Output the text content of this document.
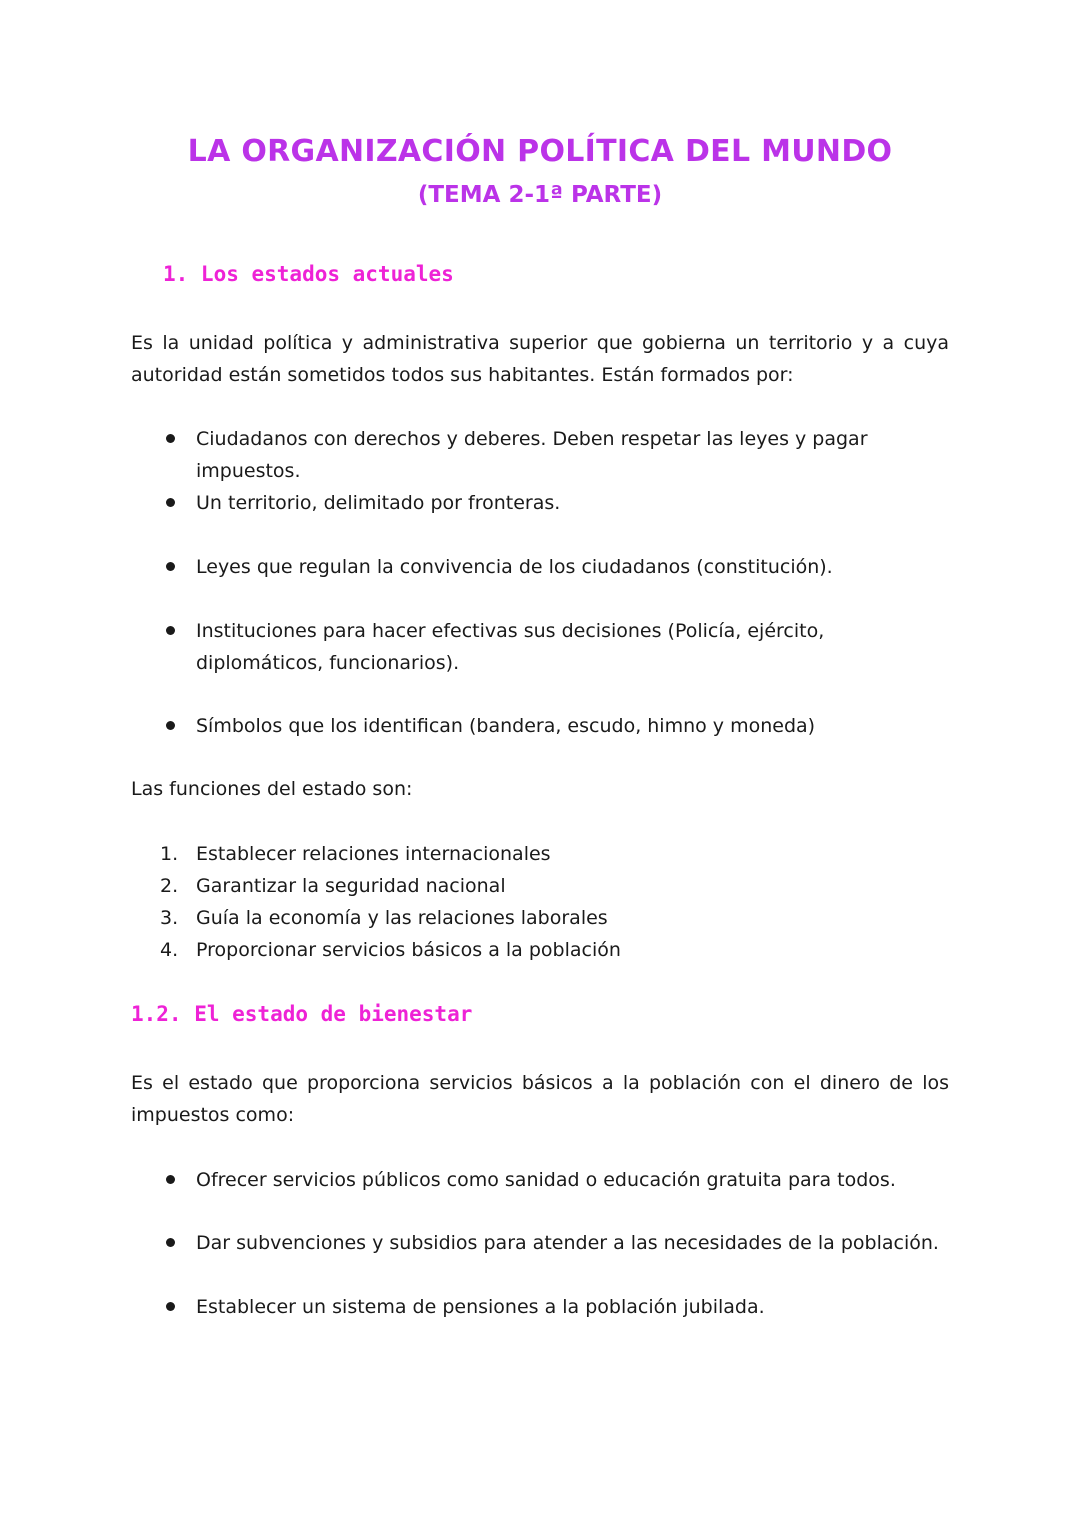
LA ORGANIZACIÓN POLÍTICA DEL MUNDO
(TEMA 2-1ª PARTE)
1. Los estados actuales

Es la unidad política y administrativa superior que gobierna un territorio y a cuya autoridad están sometidos todos sus habitantes. Están formados por:

Ciudadanos con derechos y deberes. Deben respetar las leyes y pagar impuestos.
Un territorio, delimitado por fronteras.
Leyes que regulan la convivencia de los ciudadanos (constitución).
Instituciones para hacer efectivas sus decisiones (Policía, ejército, diplomáticos, funcionarios).
Símbolos que los identifican (bandera, escudo, himno y moneda)

Las funciones del estado son:

1. Establecer relaciones internacionales
2. Garantizar la seguridad nacional
3. Guía la economía y las relaciones laborales
4. Proporcionar servicios básicos a la población
1.2. El estado de bienestar

Es el estado que proporciona servicios básicos a la población con el dinero de los impuestos como:

Ofrecer servicios públicos como sanidad o educación gratuita para todos.
Dar subvenciones y subsidios para atender a las necesidades de la población.
Establecer un sistema de pensiones a la población jubilada.
